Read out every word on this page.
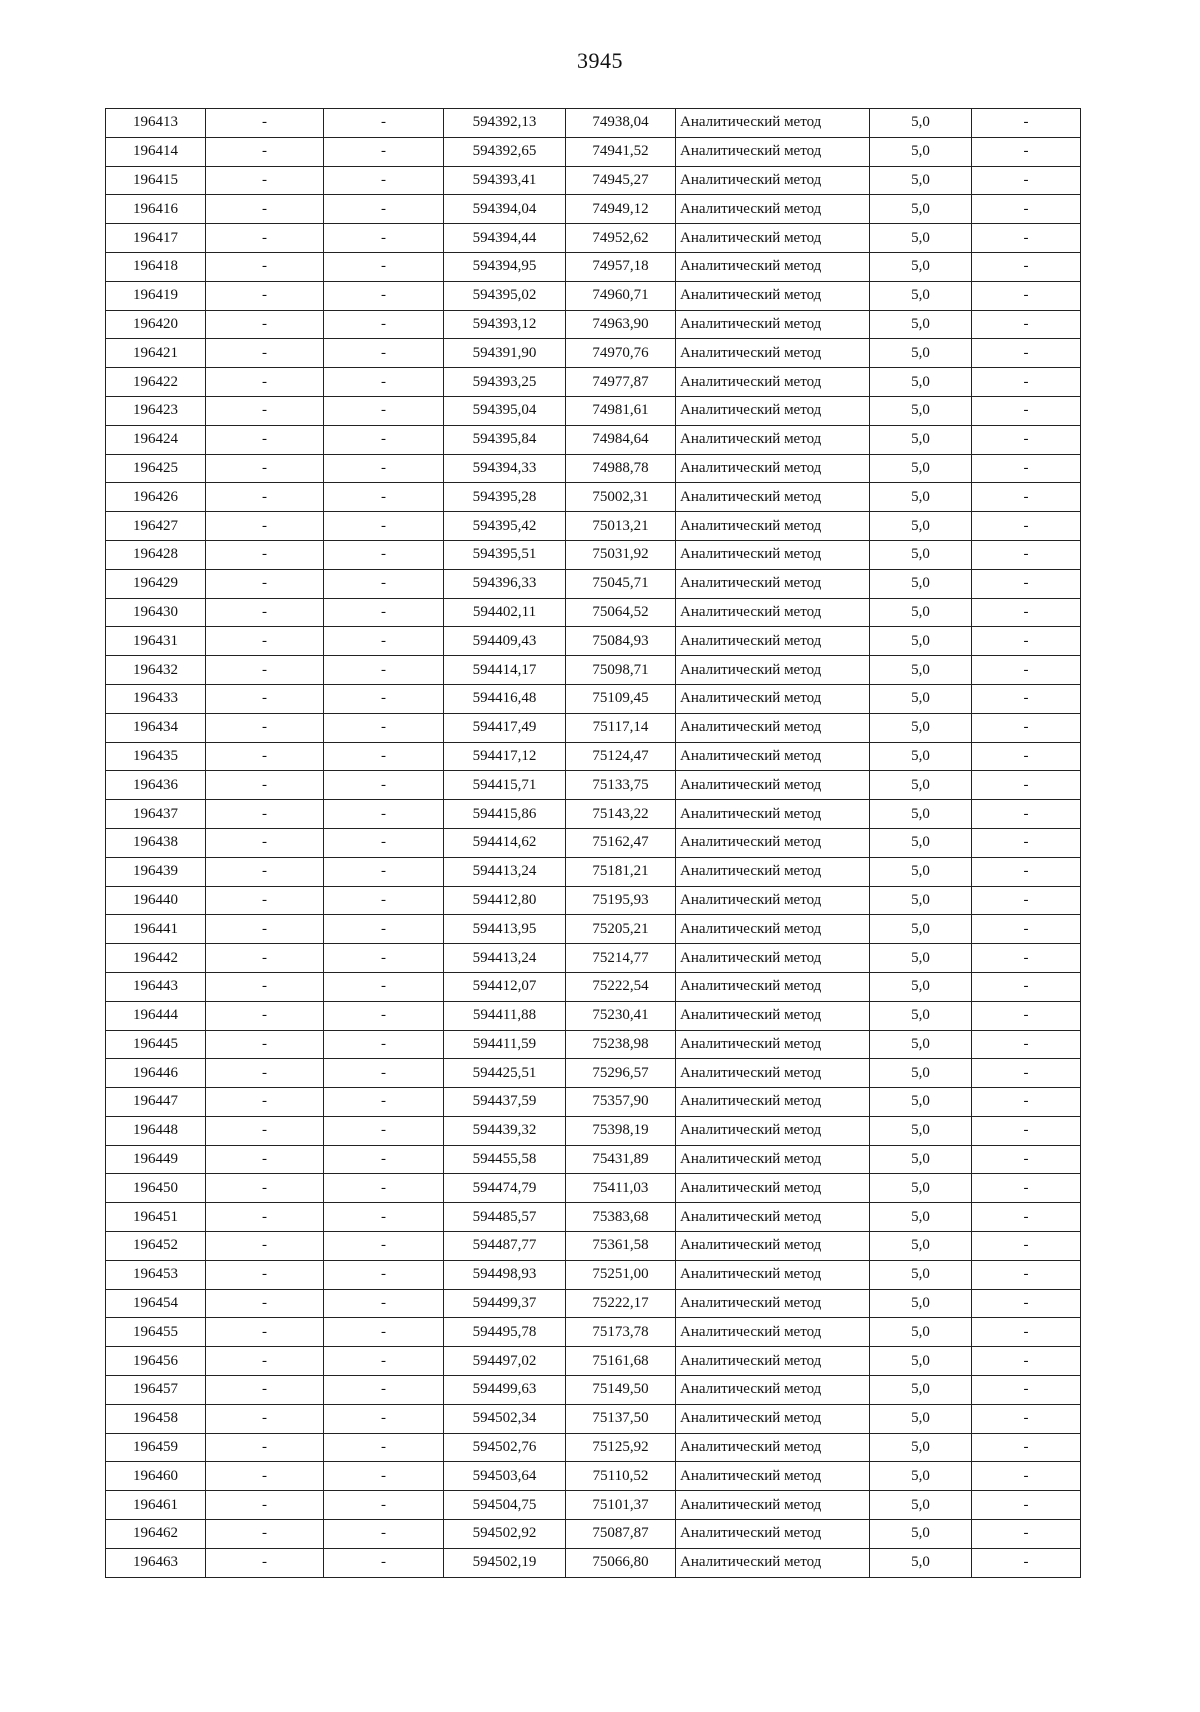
3945
196413	-	-	594392,13	74938,04	Аналитический метод	5,0	-
196414	-	-	594392,65	74941,52	Аналитический метод	5,0	-
196415	-	-	594393,41	74945,27	Аналитический метод	5,0	-
196416	-	-	594394,04	74949,12	Аналитический метод	5,0	-
196417	-	-	594394,44	74952,62	Аналитический метод	5,0	-
196418	-	-	594394,95	74957,18	Аналитический метод	5,0	-
196419	-	-	594395,02	74960,71	Аналитический метод	5,0	-
196420	-	-	594393,12	74963,90	Аналитический метод	5,0	-
196421	-	-	594391,90	74970,76	Аналитический метод	5,0	-
196422	-	-	594393,25	74977,87	Аналитический метод	5,0	-
196423	-	-	594395,04	74981,61	Аналитический метод	5,0	-
196424	-	-	594395,84	74984,64	Аналитический метод	5,0	-
196425	-	-	594394,33	74988,78	Аналитический метод	5,0	-
196426	-	-	594395,28	75002,31	Аналитический метод	5,0	-
196427	-	-	594395,42	75013,21	Аналитический метод	5,0	-
196428	-	-	594395,51	75031,92	Аналитический метод	5,0	-
196429	-	-	594396,33	75045,71	Аналитический метод	5,0	-
196430	-	-	594402,11	75064,52	Аналитический метод	5,0	-
196431	-	-	594409,43	75084,93	Аналитический метод	5,0	-
196432	-	-	594414,17	75098,71	Аналитический метод	5,0	-
196433	-	-	594416,48	75109,45	Аналитический метод	5,0	-
196434	-	-	594417,49	75117,14	Аналитический метод	5,0	-
196435	-	-	594417,12	75124,47	Аналитический метод	5,0	-
196436	-	-	594415,71	75133,75	Аналитический метод	5,0	-
196437	-	-	594415,86	75143,22	Аналитический метод	5,0	-
196438	-	-	594414,62	75162,47	Аналитический метод	5,0	-
196439	-	-	594413,24	75181,21	Аналитический метод	5,0	-
196440	-	-	594412,80	75195,93	Аналитический метод	5,0	-
196441	-	-	594413,95	75205,21	Аналитический метод	5,0	-
196442	-	-	594413,24	75214,77	Аналитический метод	5,0	-
196443	-	-	594412,07	75222,54	Аналитический метод	5,0	-
196444	-	-	594411,88	75230,41	Аналитический метод	5,0	-
196445	-	-	594411,59	75238,98	Аналитический метод	5,0	-
196446	-	-	594425,51	75296,57	Аналитический метод	5,0	-
196447	-	-	594437,59	75357,90	Аналитический метод	5,0	-
196448	-	-	594439,32	75398,19	Аналитический метод	5,0	-
196449	-	-	594455,58	75431,89	Аналитический метод	5,0	-
196450	-	-	594474,79	75411,03	Аналитический метод	5,0	-
196451	-	-	594485,57	75383,68	Аналитический метод	5,0	-
196452	-	-	594487,77	75361,58	Аналитический метод	5,0	-
196453	-	-	594498,93	75251,00	Аналитический метод	5,0	-
196454	-	-	594499,37	75222,17	Аналитический метод	5,0	-
196455	-	-	594495,78	75173,78	Аналитический метод	5,0	-
196456	-	-	594497,02	75161,68	Аналитический метод	5,0	-
196457	-	-	594499,63	75149,50	Аналитический метод	5,0	-
196458	-	-	594502,34	75137,50	Аналитический метод	5,0	-
196459	-	-	594502,76	75125,92	Аналитический метод	5,0	-
196460	-	-	594503,64	75110,52	Аналитический метод	5,0	-
196461	-	-	594504,75	75101,37	Аналитический метод	5,0	-
196462	-	-	594502,92	75087,87	Аналитический метод	5,0	-
196463	-	-	594502,19	75066,80	Аналитический метод	5,0	-
